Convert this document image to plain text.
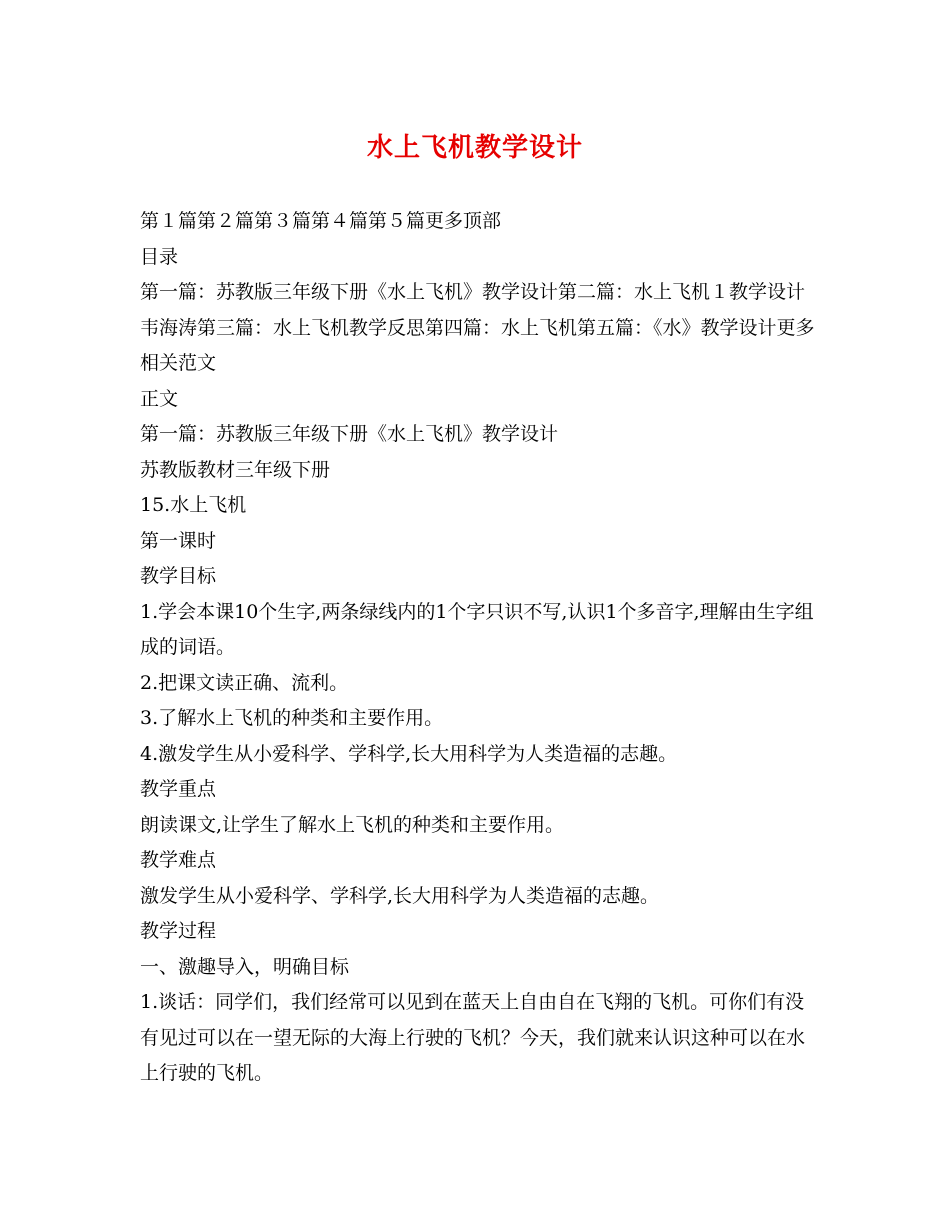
水上飞机教学设计

第１篇第２篇第３篇第４篇第５篇更多顶部

目录

第一篇：苏教版三年级下册《水上飞机》教学设计第二篇：水上飞机１教学设计韦海涛第三篇：水上飞机教学反思第四篇：水上飞机第五篇：《水》教学设计更多相关范文

正文

第一篇：苏教版三年级下册《水上飞机》教学设计

苏教版教材三年级下册

15.水上飞机

第一课时

教学目标

1.学会本课10个生字,两条绿线内的1个字只识不写,认识1个多音字,理解由生字组成的词语。

2.把课文读正确、流利。

3.了解水上飞机的种类和主要作用。

4.激发学生从小爱科学、学科学,长大用科学为人类造福的志趣。

教学重点

朗读课文,让学生了解水上飞机的种类和主要作用。

教学难点

激发学生从小爱科学、学科学,长大用科学为人类造福的志趣。

教学过程

一、激趣导入，明确目标

1.谈话：同学们，我们经常可以见到在蓝天上自由自在飞翔的飞机。可你们有没有见过可以在一望无际的大海上行驶的飞机？今天，我们就来认识这种可以在水上行驶的飞机。
